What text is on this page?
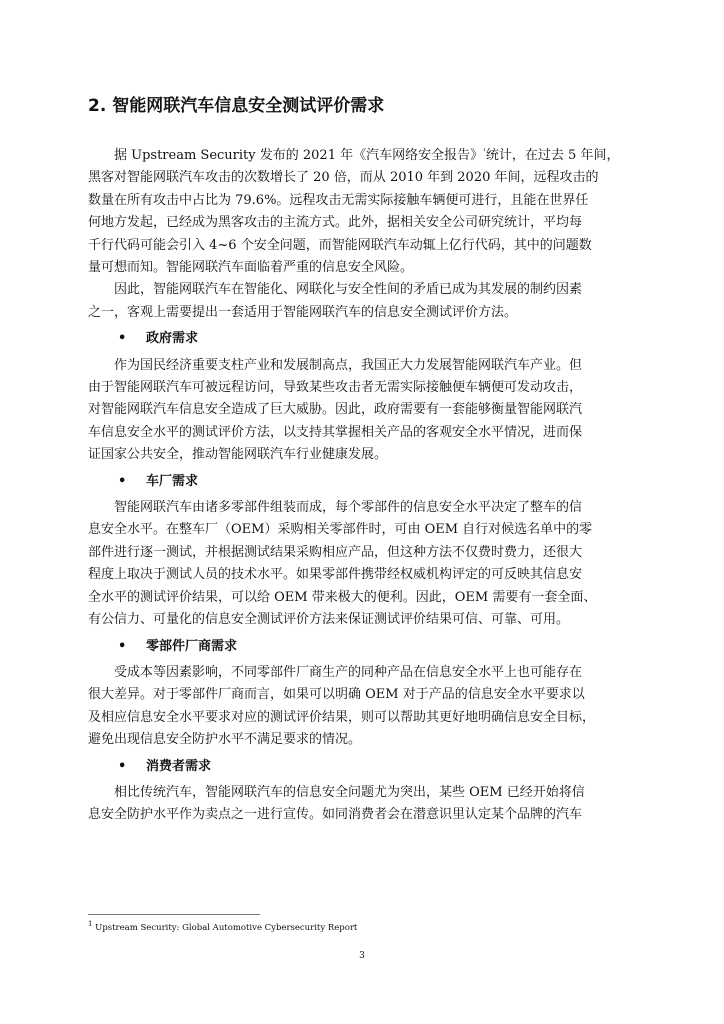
2. 智能网联汽车信息安全测试评价需求

据 Upstream Security 发布的 2021 年《汽车网络安全报告》$^{^1}$统计，在过去 5 年间，

黑客对智能网联汽车攻击的次数增长了 20 倍，而从 2010 年到 2020 年间，远程攻击的

数量在所有攻击中占比为 79.6%。远程攻击无需实际接触车辆便可进行，且能在世界任

何地方发起，已经成为黑客攻击的主流方式。此外，据相关安全公司研究统计，平均每

千行代码可能会引入 4~6 个安全问题，而智能网联汽车动辄上亿行代码，其中的问题数

量可想而知。智能网联汽车面临着严重的信息安全风险。

因此，智能网联汽车在智能化、网联化与安全性间的矛盾已成为其发展的制约因素

之一，客观上需要提出一套适用于智能网联汽车的信息安全测试评价方法。

•	政府需求

作为国民经济重要支柱产业和发展制高点，我国正大力发展智能网联汽车产业。但

由于智能网联汽车可被远程访问，导致某些攻击者无需实际接触便车辆便可发动攻击，

对智能网联汽车信息安全造成了巨大威胁。因此，政府需要有一套能够衡量智能网联汽

车信息安全水平的测试评价方法，以支持其掌握相关产品的客观安全水平情况，进而保

证国家公共安全，推动智能网联汽车行业健康发展。

•	车厂需求

智能网联汽车由诸多零部件组装而成，每个零部件的信息安全水平决定了整车的信

息安全水平。在整车厂（OEM）采购相关零部件时，可由 OEM 自行对候选名单中的零

部件进行逐一测试，并根据测试结果采购相应产品，但这种方法不仅费时费力，还很大

程度上取决于测试人员的技术水平。如果零部件携带经权威机构评定的可反映其信息安

全水平的测试评价结果，可以给 OEM 带来极大的便利。因此，OEM 需要有一套全面、

有公信力、可量化的信息安全测试评价方法来保证测试评价结果可信、可靠、可用。

•	零部件厂商需求

受成本等因素影响，不同零部件厂商生产的同种产品在信息安全水平上也可能存在

很大差异。对于零部件厂商而言，如果可以明确 OEM 对于产品的信息安全水平要求以

及相应信息安全水平要求对应的测试评价结果，则可以帮助其更好地明确信息安全目标，

避免出现信息安全防护水平不满足要求的情况。

•	消费者需求

相比传统汽车，智能网联汽车的信息安全问题尤为突出，某些 OEM 已经开始将信

息安全防护水平作为卖点之一进行宣传。如同消费者会在潜意识里认定某个品牌的汽车

$^1$ Upstream Security: Global Automotive Cybersecurity Report
3
